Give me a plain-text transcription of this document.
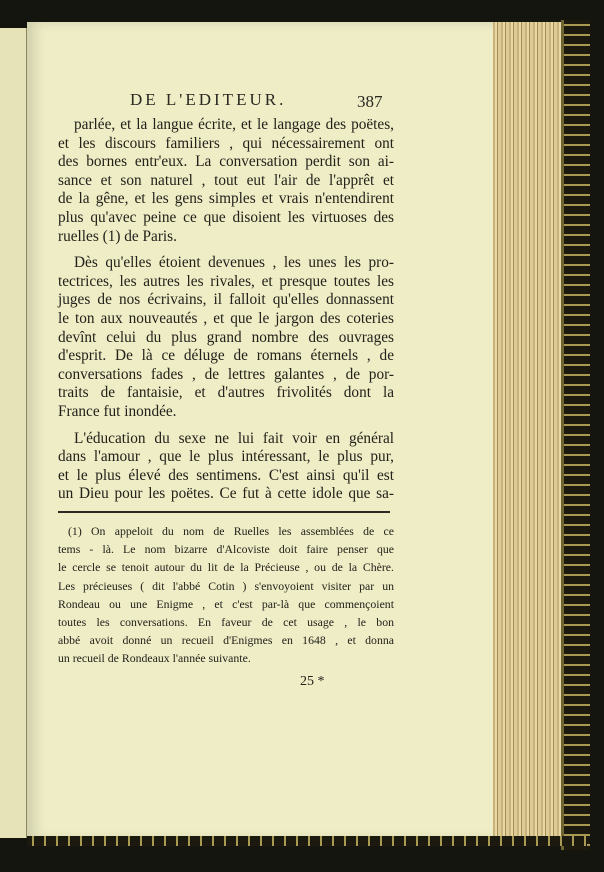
DE L'EDITEUR.	387
parlée, et la langue écrite, et le langage des poëtes,
et les discours familiers , qui nécessairement ont
des bornes entr'eux. La conversation perdit son ai-
sance et son naturel , tout eut l'air de l'apprêt et
de la gêne, et les gens simples et vrais n'entendirent
plus qu'avec peine ce que disoient les virtuoses des
ruelles (1) de Paris.
Dès qu'elles étoient devenues , les unes les pro-
tectrices, les autres les rivales, et presque toutes les
juges de nos écrivains, il falloit qu'elles donnassent
le ton aux nouveautés , et que le jargon des coteries
devînt celui du plus grand nombre des ouvrages
d'esprit. De là ce déluge de romans éternels , de
conversations fades , de lettres galantes , de por-
traits de fantaisie, et d'autres frivolités dont la
France fut inondée.
L'éducation du sexe ne lui fait voir en général
dans l'amour , que le plus intéressant, le plus pur,
et le plus élevé des sentimens. C'est ainsi qu'il est
un Dieu pour les poëtes. Ce fut à cette idole que sa-
(1) On appeloit du nom de Ruelles les assemblées de ce
tems - là. Le nom bizarre d'Alcoviste doit faire penser que
le cercle se tenoit autour du lit de la Précieuse , ou de la Chère.
Les précieuses ( dit l'abbé Cotin ) s'envoyoient visiter par un
Rondeau ou une Enigme , et c'est par-là que commençoient
toutes les conversations. En faveur de cet usage , le bon
abbé avoit donné un recueil d'Enigmes en 1648 , et donna
un recueil de Rondeaux l'année suivante.
25 *
